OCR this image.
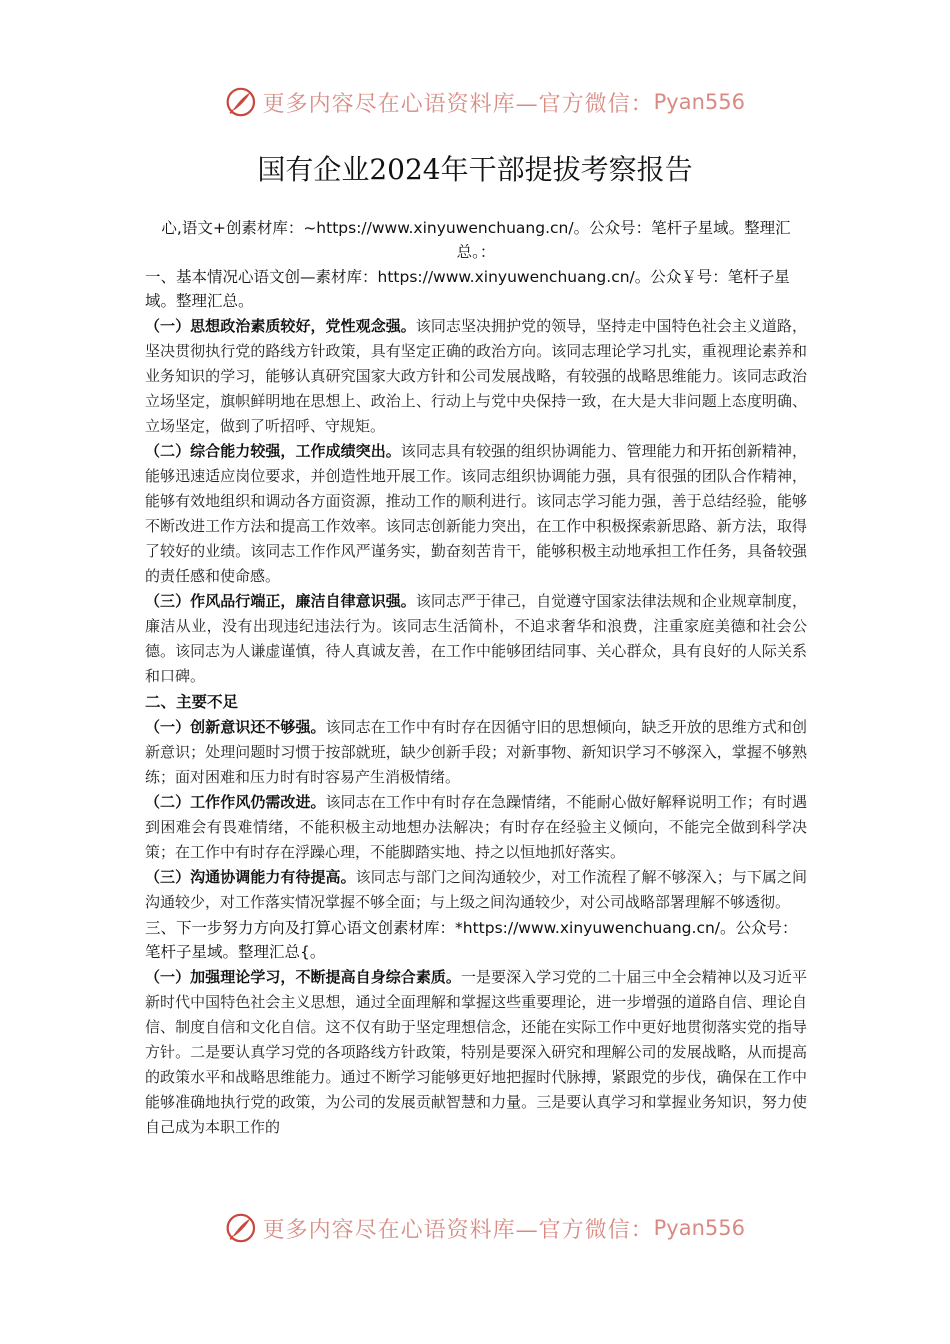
更多内容尽在心语资料库—官方微信： Pyan556
国有企业2024年干部提拔考察报告
心,语文+创素材库：~https://www.xinyuwenchuang.cn/。公众号：笔杆子星域。整理汇总。：
一、基本情况心语文创—素材库：https://www.xinyuwenchuang.cn/。公众￥号：笔杆子星域。整理汇总。
（一）思想政治素质较好，党性观念强。该同志坚决拥护党的领导，坚持走中国特色社会主义道路，坚决贯彻执行党的路线方针政策，具有坚定正确的政治方向。该同志理论学习扎实，重视理论素养和业务知识的学习，能够认真研究国家大政方针和公司发展战略，有较强的战略思维能力。该同志政治立场坚定，旗帜鲜明地在思想上、政治上、行动上与党中央保持一致，在大是大非问题上态度明确、立场坚定，做到了听招呼、守规矩。
（二）综合能力较强，工作成绩突出。该同志具有较强的组织协调能力、管理能力和开拓创新精神，能够迅速适应岗位要求，并创造性地开展工作。该同志组织协调能力强，具有很强的团队合作精神，能够有效地组织和调动各方面资源，推动工作的顺利进行。该同志学习能力强，善于总结经验，能够不断改进工作方法和提高工作效率。该同志创新能力突出，在工作中积极探索新思路、新方法，取得了较好的业绩。该同志工作作风严谨务实，勤奋刻苦肯干，能够积极主动地承担工作任务，具备较强的责任感和使命感。
（三）作风品行端正，廉洁自律意识强。该同志严于律己，自觉遵守国家法律法规和企业规章制度，廉洁从业，没有出现违纪违法行为。该同志生活简朴，不追求奢华和浪费，注重家庭美德和社会公德。该同志为人谦虚谨慎，待人真诚友善，在工作中能够团结同事、关心群众，具有良好的人际关系和口碑。
二、主要不足
（一）创新意识还不够强。该同志在工作中有时存在因循守旧的思想倾向，缺乏开放的思维方式和创新意识；处理问题时习惯于按部就班，缺少创新手段；对新事物、新知识学习不够深入，掌握不够熟练；面对困难和压力时有时容易产生消极情绪。
（二）工作作风仍需改进。该同志在工作中有时存在急躁情绪，不能耐心做好解释说明工作；有时遇到困难会有畏难情绪，不能积极主动地想办法解决；有时存在经验主义倾向，不能完全做到科学决策；在工作中有时存在浮躁心理，不能脚踏实地、持之以恒地抓好落实。
（三）沟通协调能力有待提高。该同志与部门之间沟通较少，对工作流程了解不够深入；与下属之间沟通较少，对工作落实情况掌握不够全面；与上级之间沟通较少，对公司战略部署理解不够透彻。
三、下一步努力方向及打算心语文创素材库：*https://www.xinyuwenchuang.cn/。公众号：笔杆子星域。整理汇总{。
（一）加强理论学习，不断提高自身综合素质。一是要深入学习党的二十届三中全会精神以及习近平新时代中国特色社会主义思想，通过全面理解和掌握这些重要理论，进一步增强的道路自信、理论自信、制度自信和文化自信。这不仅有助于坚定理想信念，还能在实际工作中更好地贯彻落实党的指导方针。二是要认真学习党的各项路线方针政策，特别是要深入研究和理解公司的发展战略，从而提高的政策水平和战略思维能力。通过不断学习能够更好地把握时代脉搏，紧跟党的步伐，确保在工作中能够准确地执行党的政策，为公司的发展贡献智慧和力量。三是要认真学习和掌握业务知识，努力使自己成为本职工作的
更多内容尽在心语资料库—官方微信： Pyan556
